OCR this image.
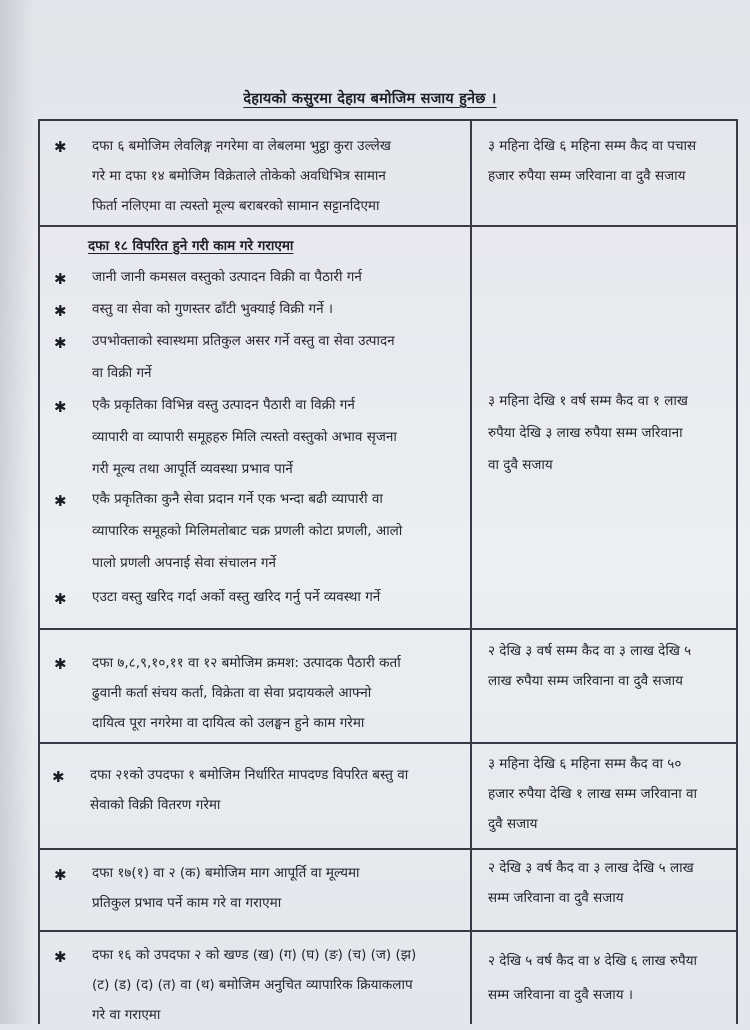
देहायको कसुरमा देहाय बमोजिम सजाय हुनेछ ।
✱ दफा ६ बमोजिम लेवलिङ्ग नगरेमा वा लेबलमा भुट्ठा कुरा उल्लेख
गरे मा दफा १४ बमोजिम विक्रेताले तोकेको अवधिभित्र सामान
फिर्ता नलिएमा वा त्यस्तो मूल्य बराबरको सामान सट्टानदिएमा
३ महिना देखि ६ महिना सम्म कैद वा पचास
हजार रुपैया सम्म जरिवाना वा दुवै सजाय
दफा १८ विपरित हुने गरी काम गरे गराएमा
✱ जानी जानी कमसल वस्तुको उत्पादन विक्री वा पैठारी गर्न
✱ वस्तु वा सेवा को गुणस्तर ढाँटी भुक्याई विक्री गर्ने ।
✱ उपभोक्ताको स्वास्थमा प्रतिकुल असर गर्ने वस्तु वा सेवा उत्पादन
वा विक्री गर्ने
✱ एकै प्रकृतिका विभिन्न वस्तु उत्पादन पैठारी वा विक्री गर्न
व्यापारी वा व्यापारी समूहहरु मिलि त्यस्तो वस्तुको अभाव सृजना
गरी मूल्य तथा आपूर्ति व्यवस्था प्रभाव पार्ने
✱ एकै प्रकृतिका कुनै सेवा प्रदान गर्ने एक भन्दा बढी व्यापारी वा
व्यापारिक समूहको मिलिमतोबाट चक्र प्रणली कोटा प्रणली, आलो
पालो प्रणली अपनाई सेवा संचालन गर्ने
✱ एउटा वस्तु खरिद गर्दा अर्को वस्तु खरिद गर्नु पर्ने व्यवस्था गर्ने
३ महिना देखि १ वर्ष सम्म कैद वा १ लाख
रुपैया देखि ३ लाख रुपैया सम्म जरिवाना
वा दुवै सजाय
✱ दफा ७,८,९,१०,११ वा १२ बमोजिम क्रमश: उत्पादक पैठारी कर्ता
ढुवानी कर्ता संचय कर्ता, विक्रेता वा सेवा प्रदायकले आफ्नो
दायित्व पूरा नगरेमा वा दायित्व को उलङ्घन हुने काम गरेमा
२ देखि ३ वर्ष सम्म कैद वा ३ लाख देखि ५
लाख रुपैया सम्म जरिवाना वा दुवै सजाय
✱ दफा २१को उपदफा १ बमोजिम निर्धारित मापदण्ड विपरित बस्तु वा
सेवाको विक्री वितरण गरेमा
३ महिना देखि ६ महिना सम्म कैद वा ५०
हजार रुपैया देखि १ लाख सम्म जरिवाना वा
दुवै सजाय
✱ दफा १७(१) वा २ (क) बमोजिम माग आपूर्ति वा मूल्यमा
प्रतिकुल प्रभाव पर्ने काम गरे वा गराएमा
२ देखि ३ वर्ष कैद वा ३ लाख देखि ५ लाख
सम्म जरिवाना वा दुवै सजाय
✱ दफा १६ को उपदफा २ को खण्ड (ख) (ग) (घ) (ङ) (च) (ज) (झ)
(ट) (ड) (द) (त) वा (थ) बमोजिम अनुचित व्यापारिक क्रियाकलाप
गरे वा गराएमा
२ देखि ५ वर्ष कैद वा ४ देखि ६ लाख रुपैया
सम्म जरिवाना वा दुवै सजाय ।
